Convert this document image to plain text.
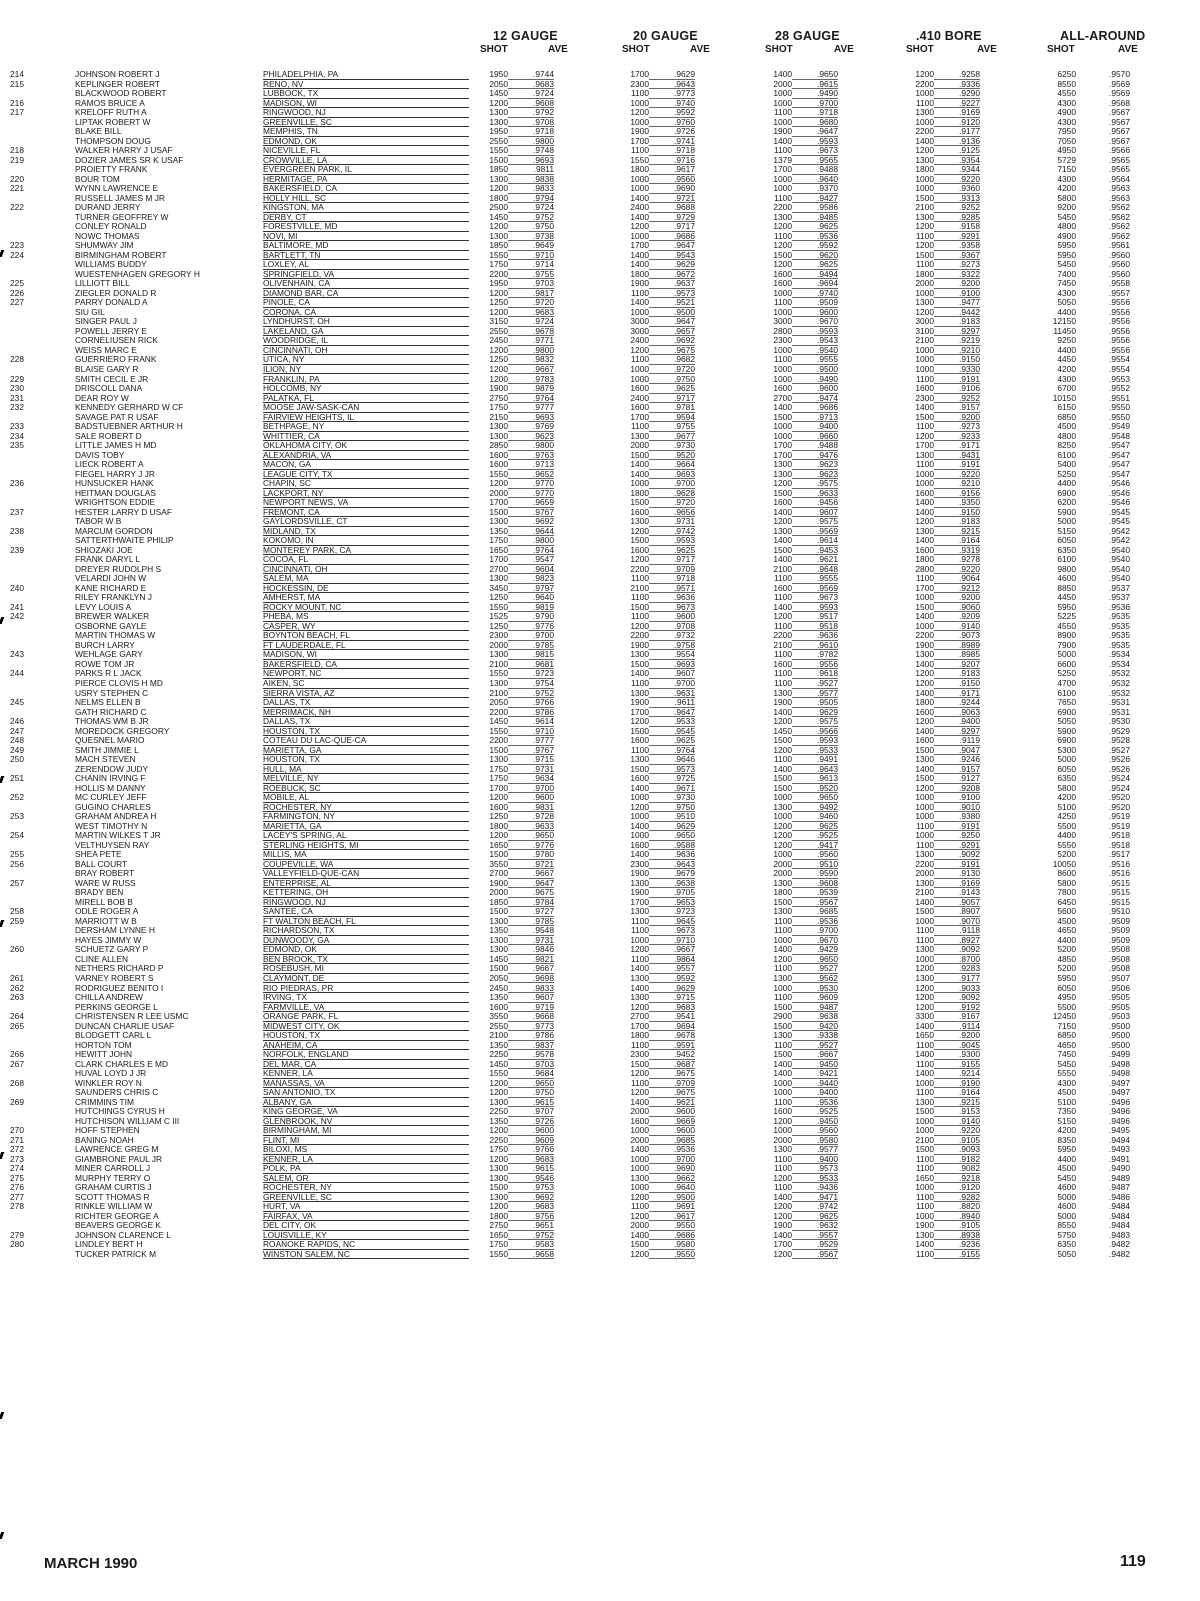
12 GAUGE	20 GAUGE	28 GAUGE	.410 BORE	ALL-AROUND
SHOT	AVE	SHOT	AVE	SHOT	AVE	SHOT	AVE	SHOT	AVE
214	JOHNSON ROBERT J	PHILADELPHIA, PA	1950	.9744	1700	.9629	1400	.9650	1200	.9258	6250	.9570
215	KEPLINGER ROBERT	RENO, NV	2050	.9683	2300	.9643	2000	.9615	2200	.9336	8550	.9569
BLACKWOOD ROBERT	LUBBOCK, TX	1450	.9724	1100	.9773	1000	.9490	1000	.9290	4550	.9569
216	RAMOS BRUCE A	MADISON, WI	1200	.9608	1000	.9740	1000	.9700	1100	.9227	4300	.9568
217	KRELOFF RUTH A	RINGWOOD, NJ	1300	.9792	1200	.9592	1100	.9718	1300	.9169	4900	.9567
LIPTAK ROBERT W	GREENVILLE, SC	1300	.9708	1000	.9760	1000	.9680	1000	.9120	4300	.9567
BLAKE BILL	MEMPHIS, TN	1950	.9718	1900	.9726	1900	.9647	2200	.9177	7950	.9567
THOMPSON DOUG	EDMOND, OK	2550	.9800	1700	.9741	1400	.9593	1400	.9136	7050	.9567
218	WALKER HARRY J USAF	NICEVILLE, FL	1550	.9748	1100	.9718	1100	.9673	1200	.9125	4950	.9566
219	DOZIER JAMES SR K USAF	CROWVILLE, LA	1500	.9693	1550	.9716	1379	.9565	1300	.9354	5729	.9565
PROIETTY FRANK	EVERGREEN PARK, IL	1850	.9811	1800	.9617	1700	.9488	1800	.9344	7150	.9565
220	BOUR TOM	HERMITAGE, PA	1300	.9838	1000	.9560	1000	.9640	1000	.9220	4300	.9564
221	WYNN LAWRENCE E	BAKERSFIELD, CA	1200	.9833	1000	.9690	1000	.9370	1000	.9360	4200	.9563
RUSSELL JAMES M JR	HOLLY HILL, SC	1800	.9794	1400	.9721	1100	.9427	1500	.9313	5800	.9563
222	DURAND JERRY	KINGSTON, MA	2500	.9724	2400	.9688	2200	.9586	2100	.9252	9200	.9562
TURNER GEOFFREY W	DERBY, CT	1450	.9752	1400	.9729	1300	.9485	1300	.9285	5450	.9562
CONLEY RONALD	FORESTVILLE, MD	1200	.9750	1200	.9717	1200	.9625	1200	.9158	4800	.9562
NOWC THOMAS	NOVI, MI	1300	.9738	1000	.9686	1100	.9536	1100	.9291	4900	.9562
223	SHUMWAY JIM	BALTIMORE, MD	1850	.9649	1700	.9647	1200	.9592	1200	.9358	5950	.9561
224	BIRMINGHAM ROBERT	BARTLETT, TN	1550	.9710	1400	.9543	1500	.9620	1500	.9367	5950	.9560
WILLIAMS BUDDY	LOXLEY, AL	1750	.9714	1400	.9629	1200	.9625	1100	.9273	5450	.9560
WUESTENHAGEN GREGORY H	SPRINGFIELD, VA	2200	.9755	1800	.9672	1600	.9494	1800	.9322	7400	.9560
225	LILLIOTT BILL	OLIVENHAIN, CA	1950	.9703	1900	.9637	1600	.9694	2000	.9200	7450	.9558
226	ZIEGLER DONALD R	DIAMOND BAR, CA	1200	.9817	1100	.9573	1000	.9740	1000	.9100	4300	.9557
227	PARRY DONALD A	PINOLE, CA	1250	.9720	1400	.9521	1100	.9509	1300	.9477	5050	.9556
SIU GIL	CORONA, CA	1200	.9683	1000	.9500	1000	.9600	1200	.9442	4400	.9556
SINGER PAUL J	LYNDHURST, OH	3150	.9724	3000	.9647	3000	.9670	3000	.9183	12150	.9556
POWELL JERRY E	LAKELAND, GA	2550	.9678	3000	.9657	2800	.9593	3100	.9297	11450	.9556
CORNELIUSEN RICK	WOODRIDGE, IL	2450	.9771	2400	.9692	2300	.9543	2100	.9219	9250	.9556
WEISS MARC E	CINCINNATI, OH	1200	.9800	1200	.9675	1000	.9540	1000	.9210	4400	.9556
228	GUERRIERO FRANK	UTICA, NY	1250	.9832	1100	.9682	1100	.9555	1000	.9150	4450	.9554
BLAISE GARY R	ILION, NY	1200	.9667	1000	.9720	1000	.9500	1000	.9330	4200	.9554
229	SMITH CECIL E JR	FRANKLIN, PA	1200	.9783	1000	.9750	1000	.9490	1100	.9191	4300	.9553
230	DRISCOLL DANA	HOLCOMB, NY	1900	.9879	1600	.9625	1600	.9600	1600	.9106	6700	.9552
231	DEAR ROY W	PALATKA, FL	2750	.9764	2400	.9717	2700	.9474	2300	.9252	10150	.9551
232	KENNEDY GERHARD W CF	MOOSE JAW-SASK-CAN	1750	.9777	1600	.9781	1400	.9686	1400	.9157	6150	.9550
SAVAGE PAT R USAF	FAIRVIEW HEIGHTS, IL	2150	.9693	1700	.9594	1500	.9713	1500	.9200	6850	.9550
233	BADSTUEBNER ARTHUR H	BETHPAGE, NY	1300	.9769	1100	.9755	1000	.9400	1100	.9273	4500	.9549
234	SALE ROBERT D	WHITTIER, CA	1300	.9623	1300	.9677	1000	.9660	1200	.9233	4800	.9548
235	LITTLE JAMES H MD	OKLAHOMA CITY, OK	2850	.9800	2000	.9730	1700	.9488	1700	.9171	8250	.9547
DAVIS TOBY	ALEXANDRIA, VA	1600	.9763	1500	.9520	1700	.9476	1300	.9431	6100	.9547
LIECK ROBERT A	MACON, GA	1600	.9713	1400	.9664	1300	.9623	1100	.9191	5400	.9547
FIEGEL HARRY J JR	LEAGUE CITY, TX	1550	.9652	1400	.9693	1300	.9623	1000	.9220	5250	.9547
236	HUNSUCKER HANK	CHAPIN, SC	1200	.9770	1000	.9700	1200	.9575	1000	.9210	4400	.9546
HEITMAN DOUGLAS	LACKPORT, NY	2000	.9770	1800	.9628	1500	.9633	1600	.9156	6900	.9546
WRIGHTSON EDDIE	NEWPORT NEWS, VA	1700	.9659	1500	.9720	1600	.9456	1400	.9350	6200	.9546
237	HESTER LARRY D USAF	FREMONT, CA	1500	.9767	1600	.9656	1400	.9607	1400	.9150	5900	.9545
TABOR W B	GAYLORDSVILLE, CT	1300	.9692	1300	.9731	1200	.9575	1200	.9183	5000	.9545
238	MARCUM GORDON	MIDLAND, TX	1350	.9644	1200	.9742	1300	.9569	1300	.9215	5150	.9542
SATTERTHWAITE PHILIP	KOKOMO, IN	1750	.9800	1500	.9593	1400	.9614	1400	.9164	6050	.9542
239	SHIOZAKI JOE	MONTEREY PARK, CA	1650	.9764	1600	.9625	1500	.9453	1600	.9319	6350	.9540
FRANK DARYL L	COCOA, FL	1700	.9547	1200	.9717	1400	.9621	1800	.9278	6100	.9540
DREYER RUDOLPH S	CINCINNATI, OH	2700	.9604	2200	.9709	2100	.9648	2800	.9220	9800	.9540
VELARDI JOHN W	SALEM, MA	1300	.9823	1100	.9718	1100	.9555	1100	.9064	4600	.9540
240	KANE RICHARD E	HOCKESSIN, DE	3450	.9797	2100	.9571	1600	.9569	1700	.9212	8850	.9537
RILEY FRANKLYN J	AMHERST, MA	1250	.9640	1100	.9636	1100	.9673	1000	.9200	4450	.9537
241	LEVY LOUIS A	ROCKY MOUNT, NC	1550	.9819	1500	.9673	1400	.9593	1500	.9060	5950	.9536
242	BREWER WALKER	PHEBA, MS	1525	.9790	1100	.9600	1200	.9517	1400	.9209	5225	.9535
OSBORNE GAYLE	CASPER, WY	1250	.9776	1200	.9708	1100	.9518	1000	.9140	4550	.9535
MARTIN THOMAS W	BOYNTON BEACH, FL	2300	.9700	2200	.9732	2200	.9636	2200	.9073	8900	.9535
BURCH LARRY	FT LAUDERDALE, FL	2000	.9785	1900	.9758	2100	.9610	1900	.8989	7900	.9535
243	WEHLAGE GARY	MADISON, WI	1300	.9815	1300	.9554	1100	.9782	1300	.8985	5000	.9534
ROWE TOM JR	BAKERSFIELD, CA	2100	.9681	1500	.9693	1600	.9556	1400	.9207	6600	.9534
244	PARKS R L JACK	NEWPORT, NC	1550	.9723	1400	.9607	1100	.9618	1200	.9183	5250	.9532
PIERCE CLOVIS H MD	AIKEN, SC	1300	.9754	1100	.9700	1100	.9527	1200	.9150	4700	.9532
USRY STEPHEN C	SIERRA VISTA, AZ	2100	.9752	1300	.9631	1300	.9577	1400	.9171	6100	.9532
245	NELMS ELLEN B	DALLAS, TX	2050	.9766	1900	.9611	1900	.9505	1800	.9244	7650	.9531
GATH RICHARD C	MERRIMACK, NH	2200	.9786	1700	.9647	1400	.9629	1600	.9063	6900	.9531
246	THOMAS WM B JR	DALLAS, TX	1450	.9614	1200	.9533	1200	.9575	1200	.9400	5050	.9530
247	MOREDOCK GREGORY	HOUSTON, TX	1550	.9710	1500	.9545	1450	.9566	1400	.9297	5900	.9529
248	QUESNEL MARIO	COTEAU DU LAC-QUE-CA	2200	.9777	1600	.9625	1500	.9593	1600	.9119	6900	.9528
249	SMITH JIMMIE L	MARIETTA, GA	1500	.9767	1100	.9764	1200	.9533	1500	.9047	5300	.9527
250	MACH STEVEN	HOUSTON, TX	1300	.9715	1300	.9646	1100	.9491	1300	.9246	5000	.9526
ZERENDOW JUDY	HULL, MA	1750	.9731	1500	.9573	1400	.9643	1400	.9157	6050	.9526
251	CHANIN IRVING F	MELVILLE, NY	1750	.9634	1600	.9725	1500	.9613	1500	.9127	6350	.9524
HOLLIS M DANNY	ROEBUCK, SC	1700	.9700	1400	.9671	1500	.9520	1200	.9208	5800	.9524
252	MC CURLEY JEFF	MOBILE, AL	1200	.9600	1000	.9730	1000	.9650	1000	.9100	4200	.9520
GUGINO CHARLES	ROCHESTER, NY	1600	.9831	1200	.9750	1300	.9492	1000	.9010	5100	.9520
253	GRAHAM ANDREA H	FARMINGTON, NY	1250	.9728	1000	.9510	1000	.9460	1000	.9380	4250	.9519
WEST TIMOTHY N	MARIETTA, GA	1800	.9633	1400	.9629	1200	.9625	1100	.9191	5500	.9519
254	MARTIN WILKES T JR	LACEY'S SPRING, AL	1200	.9650	1000	.9650	1200	.9525	1000	.9250	4400	.9518
VELTHUYSEN RAY	STERLING HEIGHTS, MI	1650	.9776	1600	.9588	1200	.9417	1100	.9291	5550	.9518
255	SHEA PETE	MILLIS, MA	1500	.9780	1400	.9636	1000	.9560	1300	.9092	5200	.9517
256	BALL COURT	COUPEVILLE, WA	3550	.9721	2300	.9643	2000	.9510	2200	.9191	10050	.9516
BRAY ROBERT	VALLEYFIELD-QUE-CAN	2700	.9667	1900	.9679	2000	.9590	2000	.9130	8600	.9516
257	WARE W RUSS	ENTERPRISE, AL	1900	.9647	1300	.9638	1300	.9608	1300	.9169	5800	.9515
BRADY BEN	KETTERING, OH	2000	.9675	1900	.9705	1800	.9539	2100	.9143	7800	.9515
MIRELL BOB B	RINGWOOD, NJ	1850	.9784	1700	.9653	1500	.9567	1400	.9057	6450	.9515
258	ODLE ROGER A	SANTEE, CA	1500	.9727	1300	.9723	1300	.9685	1500	.8907	5600	.9510
259	MARRIOTT W B	FT WALTON BEACH, FL	1300	.9785	1100	.9645	1100	.9536	1000	.9070	4500	.9509
DERSHAM LYNNE H	RICHARDSON, TX	1350	.9548	1100	.9673	1100	.9700	1100	.9118	4650	.9509
HAYES JIMMY W	DUNWOODY, GA	1300	.9731	1000	.9710	1000	.9670	1100	.8927	4400	.9509
260	SCHUETZ GARY P	EDMOND, OK	1300	.9846	1200	.9667	1400	.9429	1300	.9092	5200	.9508
CLINE ALLEN	BEN BROOK, TX	1450	.9821	1100	.9864	1200	.9650	1000	.8700	4850	.9508
NETHERS RICHARD P	ROSEBUSH, MI	1500	.9667	1400	.9557	1100	.9527	1200	.9283	5200	.9508
261	VARNEY ROBERT S	CLAYMONT, DE	2050	.9698	1300	.9592	1300	.9562	1300	.9177	5950	.9507
262	RODRIGUEZ BENITO I	RIO PIEDRAS, PR	2450	.9833	1400	.9629	1000	.9530	1200	.9033	6050	.9506
263	CHILLA ANDREW	IRVING, TX	1350	.9607	1300	.9715	1100	.9609	1200	.9092	4950	.9505
PERKINS GEORGE L	FARMVILLE, VA	1600	.9719	1200	.9683	1500	.9487	1200	.9192	5500	.9505
264	CHRISTENSEN R LEE USMC	ORANGE PARK, FL	3550	.9668	2700	.9541	2900	.9638	3300	.9167	12450	.9503
265	DUNCAN CHARLIE USAF	MIDWEST CITY, OK	2550	.9773	1700	.9694	1500	.9420	1400	.9114	7150	.9500
BLODGETT CARL L	HOUSTON, TX	2100	.9786	1800	.9678	1300	.9338	1650	.9200	6850	.9500
HORTON TOM	ANAHEIM, CA	1350	.9837	1100	.9591	1100	.9527	1100	.9045	4650	.9500
266	HEWITT JOHN	NORFOLK, ENGLAND	2250	.9578	2300	.9452	1500	.9667	1400	.9300	7450	.9499
267	CLARK CHARLES E MD	DEL MAR, CA	1450	.9703	1500	.9687	1400	.9450	1100	.9155	5450	.9498
HUVAL LOYD J JR	KENNER, LA	1550	.9684	1200	.9675	1400	.9421	1400	.9214	5550	.9498
268	WINKLER ROY N	MANASSAS, VA	1200	.9650	1100	.9709	1000	.9440	1000	.9190	4300	.9497
SAUNDERS CHRIS C	SAN ANTONIO, TX	1200	.9750	1200	.9675	1000	.9400	1100	.9164	4500	.9497
269	CRIMMINS TIM	ALBANY, GA	1300	.9615	1400	.9621	1100	.9536	1300	.9215	5100	.9496
HUTCHINGS CYRUS H	KING GEORGE, VA	2250	.9707	2000	.9600	1600	.9525	1500	.9153	7350	.9496
HUTCHISON WILLIAM C III	GLENBROOK, NV	1350	.9726	1600	.9669	1200	.9450	1000	.9140	5150	.9496
270	HOFF STEPHEN	BIRMINGHAM, MI	1200	.9600	1000	.9600	1000	.9560	1000	.9220	4200	.9495
271	BANING NOAH	FLINT, MI	2250	.9609	2000	.9685	2000	.9580	2100	.9105	8350	.9494
272	LAWRENCE GREG M	BILOXI, MS	1750	.9766	1400	.9536	1300	.9577	1500	.9093	5950	.9493
273	GIAMBRONE PAUL JR	KENNER, LA	1200	.9683	1000	.9700	1100	.9400	1100	.9182	4400	.9491
274	MINER CARROLL J	POLK, PA	1300	.9615	1000	.9690	1100	.9573	1100	.9082	4500	.9490
275	MURPHY TERRY O	SALEM, OR	1300	.9546	1300	.9662	1200	.9533	1650	.9218	5450	.9489
276	GRAHAM CURTIS J	ROCHESTER, NY	1500	.9753	1000	.9640	1100	.9436	1000	.9120	4600	.9487
277	SCOTT THOMAS R	GREENVILLE, SC	1300	.9692	1200	.9500	1400	.9471	1100	.9282	5000	.9486
278	RINKLE WILLIAM W	HURT, VA	1200	.9683	1100	.9691	1200	.9742	1100	.8820	4600	.9484
RICHTER GEORGE A	FAIRFAX, VA	1800	.9756	1200	.9617	1200	.9625	1000	.8940	5000	.9484
BEAVERS GEORGE K	DEL CITY, OK	2750	.9651	2000	.9550	1900	.9632	1900	.9105	8550	.9484
279	JOHNSON CLARENCE L	LOUISVILLE, KY	1650	.9752	1400	.9686	1400	.9557	1300	.8938	5750	.9483
280	LINDLEY BERT H	ROANOKE RAPIDS, NC	1750	.9583	1500	.9580	1700	.9529	1400	.9236	6350	.9482
TUCKER PATRICK M	WINSTON SALEM, NC	1550	.9658	1200	.9550	1200	.9567	1100	.9155	5050	.9482
MARCH 1990	119
